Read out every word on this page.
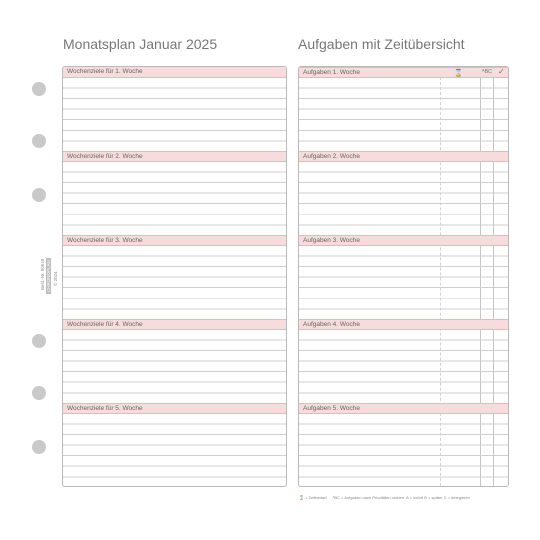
Best.-Nr. 50510 CHRONOPLAN © 2024
Monatsplan Januar 2025	Aufgaben mit Zeitübersicht
Wochenziele für 1. Woche
Wochenziele für 2. Woche
Wochenziele für 3. Woche
Wochenziele für 4. Woche
Wochenziele für 5. Woche
Aufgaben 1. Woche	⌛	ᴬBC ✓
Aufgaben 2. Woche
Aufgaben 3. Woche
Aufgaben 4. Woche
Aufgaben 5. Woche
⌛ = Zeitbedarf ᴬBC = Aufgaben nach Prioritäten ordnen: A = sofort B = später C = delegieren
